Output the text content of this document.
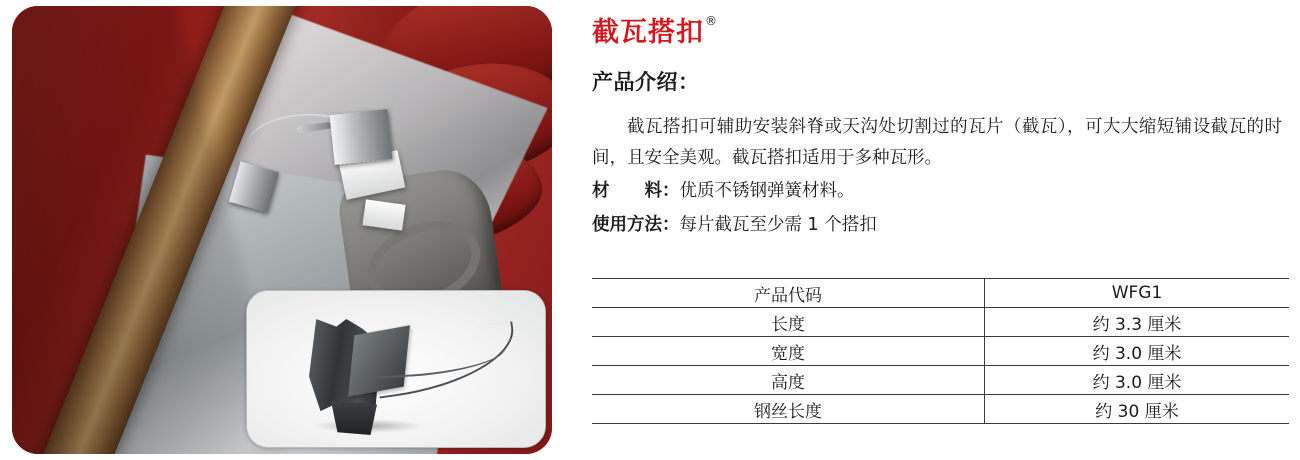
截瓦搭扣®
产品介绍：
截瓦搭扣可辅助安装斜脊或天沟处切割过的瓦片（截瓦），可大大缩短铺设截瓦的时间，且安全美观。截瓦搭扣适用于多种瓦形。
材　　料：优质不锈钢弹簧材料。
使用方法：每片截瓦至少需 1 个搭扣
产品代码	WFG1
长度	约 3.3 厘米
宽度	约 3.0 厘米
高度	约 3.0 厘米
钢丝长度	约 30 厘米
